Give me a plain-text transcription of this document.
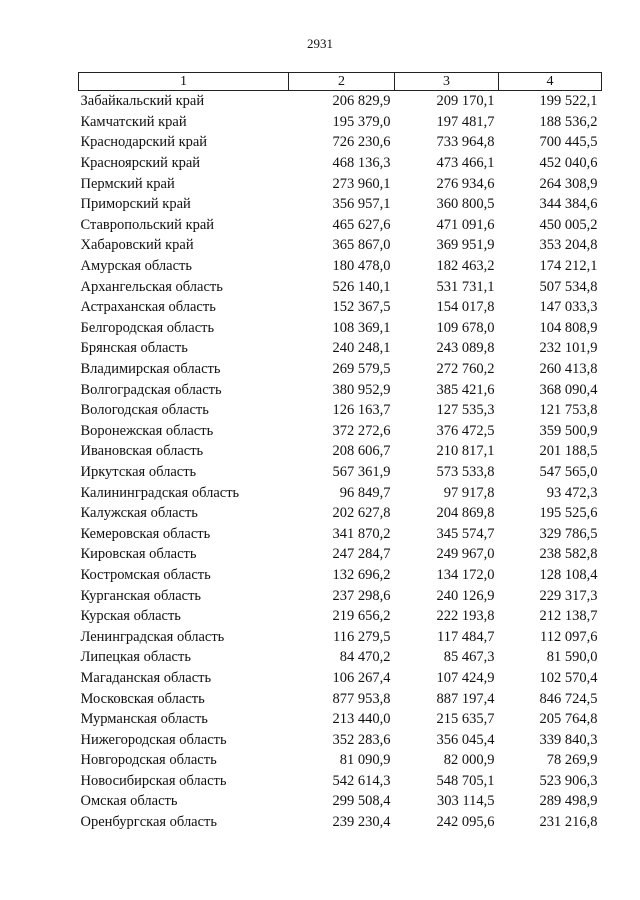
2931
1	2	3	4
Забайкальский край	206 829,9	209 170,1	199 522,1
Камчатский край	195 379,0	197 481,7	188 536,2
Краснодарский край	726 230,6	733 964,8	700 445,5
Красноярский край	468 136,3	473 466,1	452 040,6
Пермский край	273 960,1	276 934,6	264 308,9
Приморский край	356 957,1	360 800,5	344 384,6
Ставропольский край	465 627,6	471 091,6	450 005,2
Хабаровский край	365 867,0	369 951,9	353 204,8
Амурская область	180 478,0	182 463,2	174 212,1
Архангельская область	526 140,1	531 731,1	507 534,8
Астраханская область	152 367,5	154 017,8	147 033,3
Белгородская область	108 369,1	109 678,0	104 808,9
Брянская область	240 248,1	243 089,8	232 101,9
Владимирская область	269 579,5	272 760,2	260 413,8
Волгоградская область	380 952,9	385 421,6	368 090,4
Вологодская область	126 163,7	127 535,3	121 753,8
Воронежская область	372 272,6	376 472,5	359 500,9
Ивановская область	208 606,7	210 817,1	201 188,5
Иркутская область	567 361,9	573 533,8	547 565,0
Калининградская область	96 849,7	97 917,8	93 472,3
Калужская область	202 627,8	204 869,8	195 525,6
Кемеровская область	341 870,2	345 574,7	329 786,5
Кировская область	247 284,7	249 967,0	238 582,8
Костромская область	132 696,2	134 172,0	128 108,4
Курганская область	237 298,6	240 126,9	229 317,3
Курская область	219 656,2	222 193,8	212 138,7
Ленинградская область	116 279,5	117 484,7	112 097,6
Липецкая область	84 470,2	85 467,3	81 590,0
Магаданская область	106 267,4	107 424,9	102 570,4
Московская область	877 953,8	887 197,4	846 724,5
Мурманская область	213 440,0	215 635,7	205 764,8
Нижегородская область	352 283,6	356 045,4	339 840,3
Новгородская область	81 090,9	82 000,9	78 269,9
Новосибирская область	542 614,3	548 705,1	523 906,3
Омская область	299 508,4	303 114,5	289 498,9
Оренбургская область	239 230,4	242 095,6	231 216,8
